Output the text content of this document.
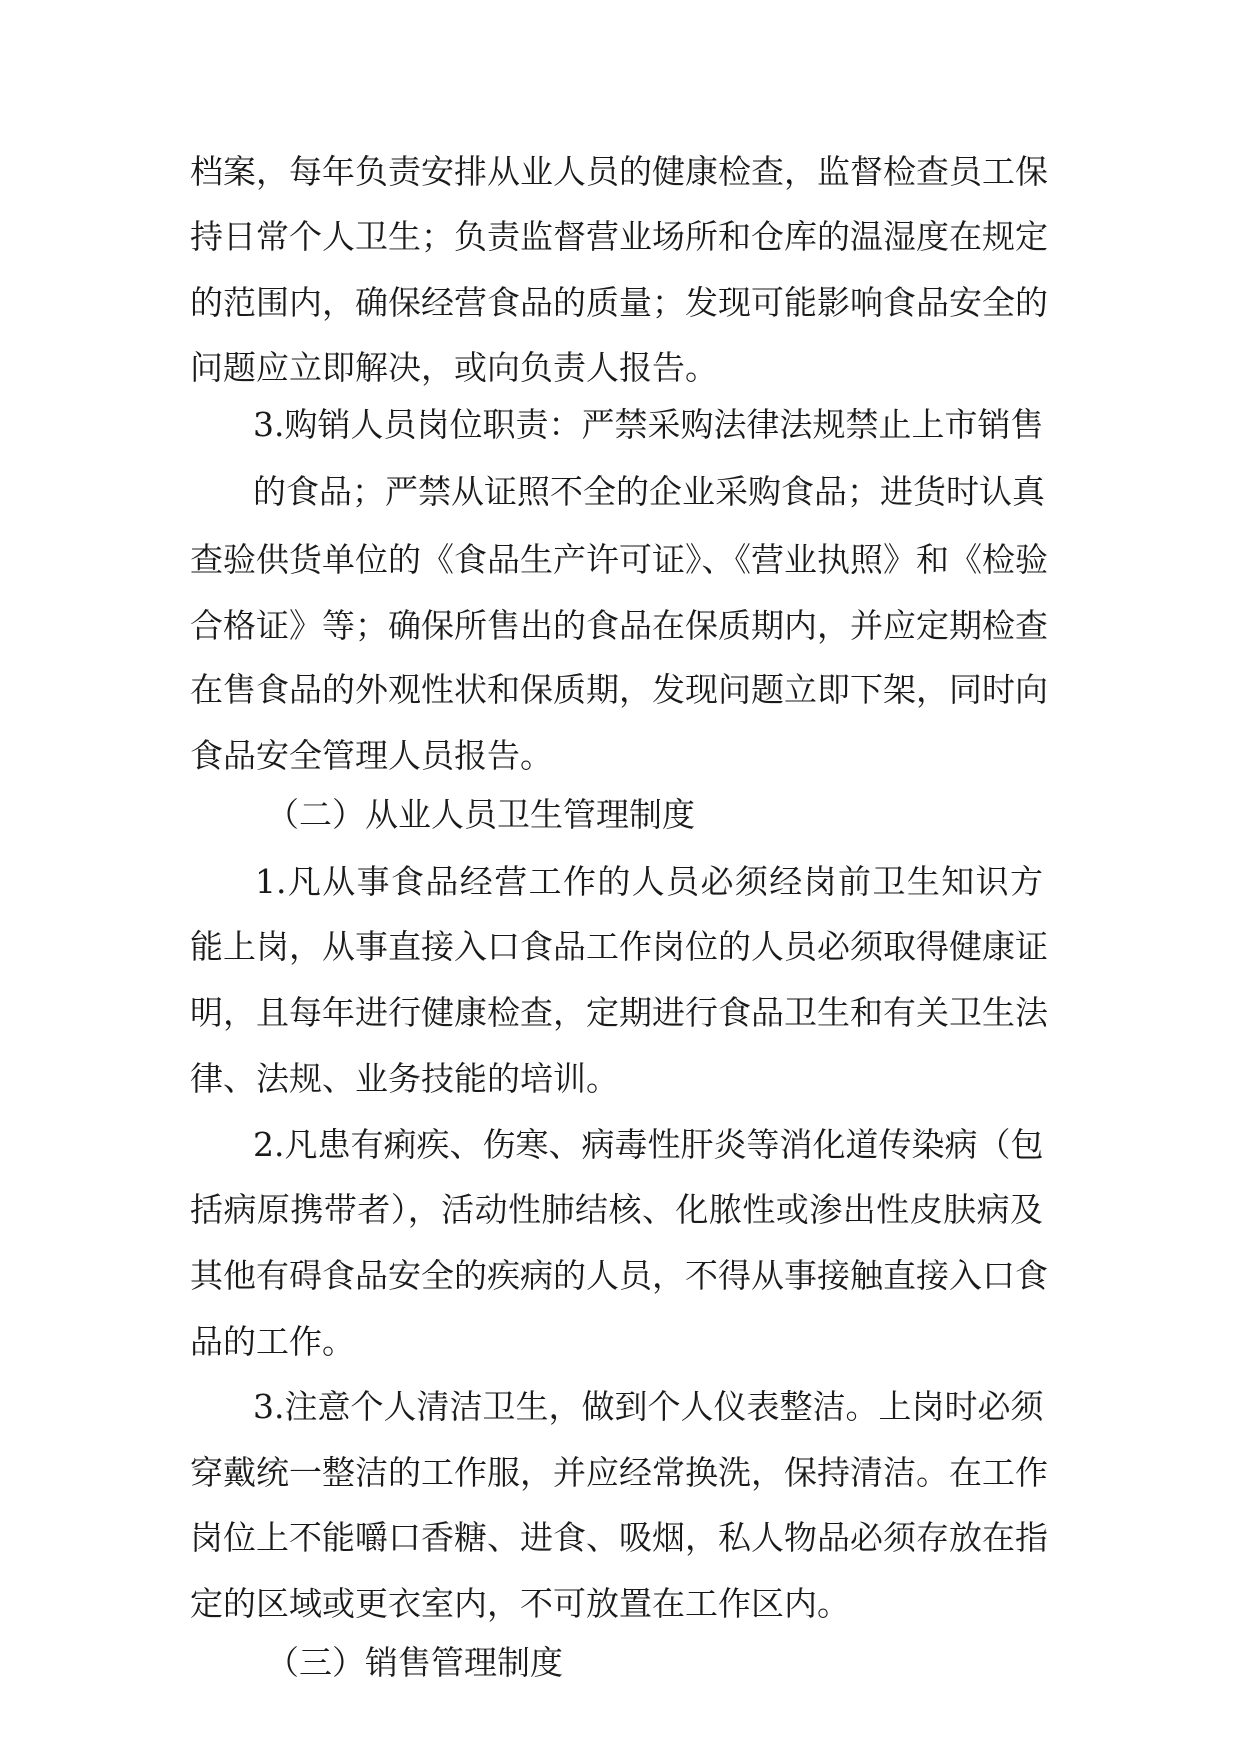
档案，每年负责安排从业人员的健康检查，监督检查员工保

持日常个人卫生；负责监督营业场所和仓库的温湿度在规定

的范围内，确保经营食品的质量；发现可能影响食品安全的

问题应立即解决，或向负责人报告。

3.购销人员岗位职责：严禁采购法律法规禁止上市销售

的食品；严禁从证照不全的企业采购食品；进货时认真

查验供货单位的《食品生产许可证》、《营业执照》和《检验

合格证》等；确保所售出的食品在保质期内，并应定期检查

在售食品的外观性状和保质期，发现问题立即下架，同时向

食品安全管理人员报告。

（二）从业人员卫生管理制度

1.凡从事食品经营工作的人员必须经岗前卫生知识方

能上岗，从事直接入口食品工作岗位的人员必须取得健康证

明，且每年进行健康检查，定期进行食品卫生和有关卫生法

律、法规、业务技能的培训。

2.凡患有痢疾、伤寒、病毒性肝炎等消化道传染病（包

括病原携带者），活动性肺结核、化脓性或渗出性皮肤病及

其他有碍食品安全的疾病的人员，不得从事接触直接入口食

品的工作。

3.注意个人清洁卫生，做到个人仪表整洁。上岗时必须

穿戴统一整洁的工作服，并应经常换洗，保持清洁。在工作

岗位上不能嚼口香糖、进食、吸烟，私人物品必须存放在指

定的区域或更衣室内，不可放置在工作区内。

（三）销售管理制度
